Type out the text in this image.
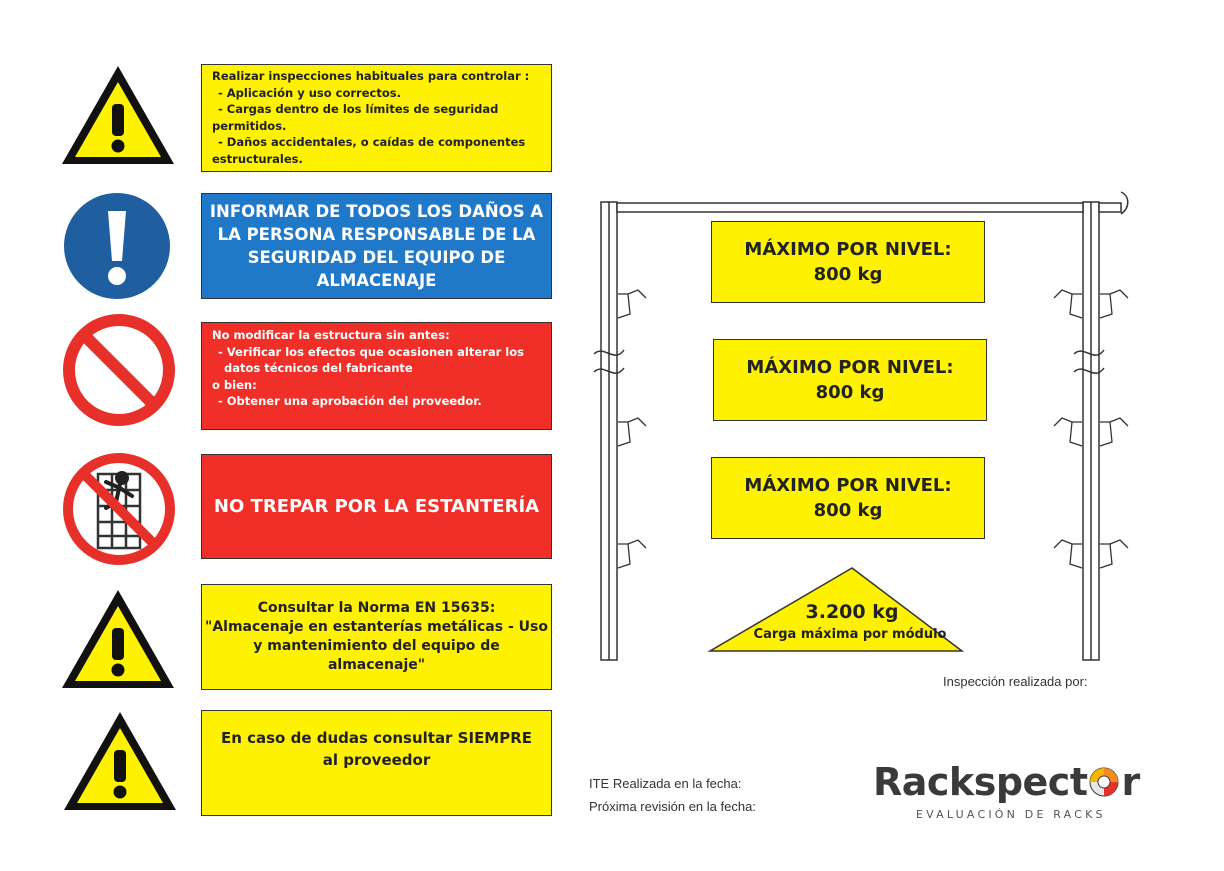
Realizar inspecciones habituales para controlar :
- Aplicación y uso correctos.
- Cargas dentro de los límites de seguridad
permitidos.
- Daños accidentales, o caídas de componentes
estructurales.
INFORMAR DE TODOS LOS DAÑOS A
LA PERSONA RESPONSABLE DE LA
SEGURIDAD DEL EQUIPO DE
ALMACENAJE
No modificar la estructura sin antes:
- Verificar los efectos que ocasionen alterar los
datos técnicos del fabricante
o bien:
- Obtener una aprobación del proveedor.
NO TREPAR POR LA ESTANTERÍA
Consultar la Norma EN 15635:
"Almacenaje en estanterías metálicas - Uso
y mantenimiento del equipo de
almacenaje"
En caso de dudas consultar SIEMPRE
al proveedor
MÁXIMO POR NIVEL:
800 kg
MÁXIMO POR NIVEL:
800 kg
MÁXIMO POR NIVEL:
800 kg
3.200 kg
Carga máxima por módulo
Inspección realizada por:
ITE Realizada en la fecha:
Próxima revisión en la fecha:
Rackspect r
EVALUACIÓN DE RACKS
